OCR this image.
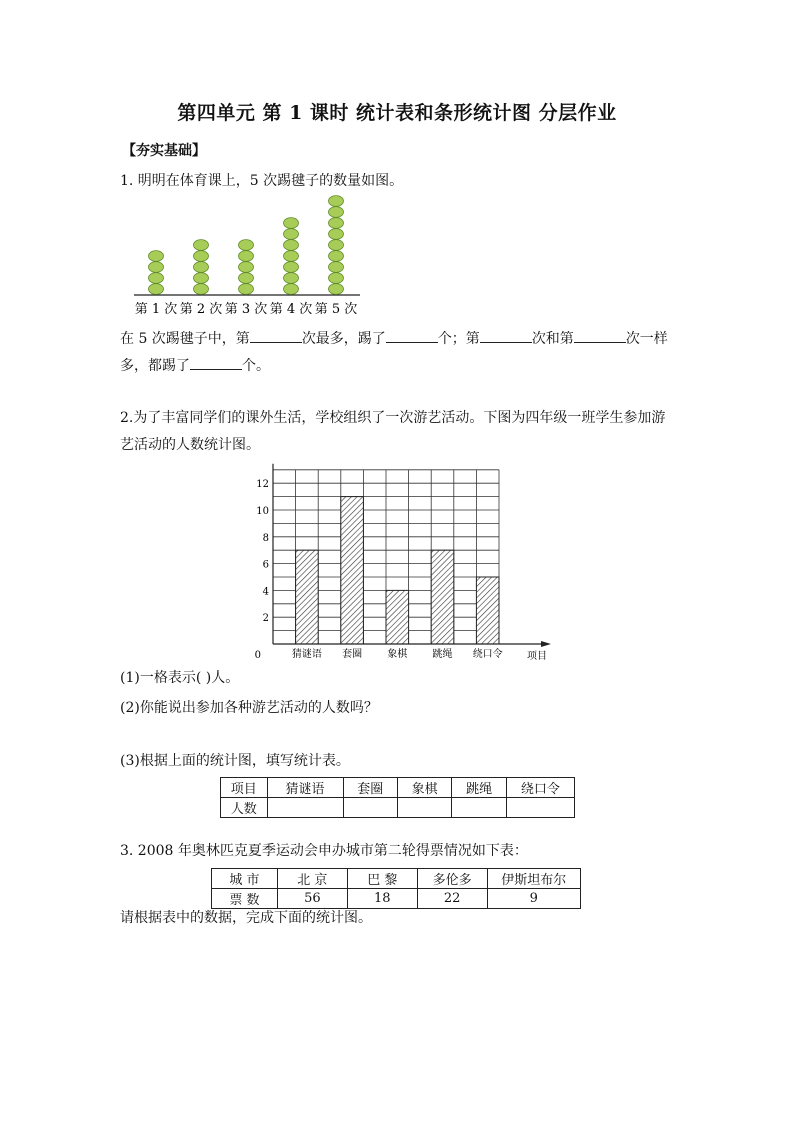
第四单元 第 1 课时 统计表和条形统计图 分层作业
【夯实基础】
1. 明明在体育课上，5 次踢毽子的数量如图。
第 1 次 第 2 次 第 3 次 第 4 次 第 5 次
在 5 次踢毽子中，第	次最多，踢了	个；第	次和第	次一样
多，都踢了	个。
2.为了丰富同学们的课外生活，学校组织了一次游艺活动。下图为四年级一班学生参加游
艺活动的人数统计图。
猜谜语 套圈	象棋	跳绳 绕口令
0
2
4
6
8
10
12
项目
(1)一格表示( )人。
(2)你能说出参加各种游艺活动的人数吗？
(3)根据上面的统计图，填写统计表。
项目	猜谜语	套圈	象棋	跳绳	绕口令
人数					
3. 2008 年奥林匹克夏季运动会申办城市第二轮得票情况如下表：
城 市	北 京	巴 黎	多伦多	伊斯坦布尔
票 数	56	18	22	9
请根据表中的数据，完成下面的统计图。
